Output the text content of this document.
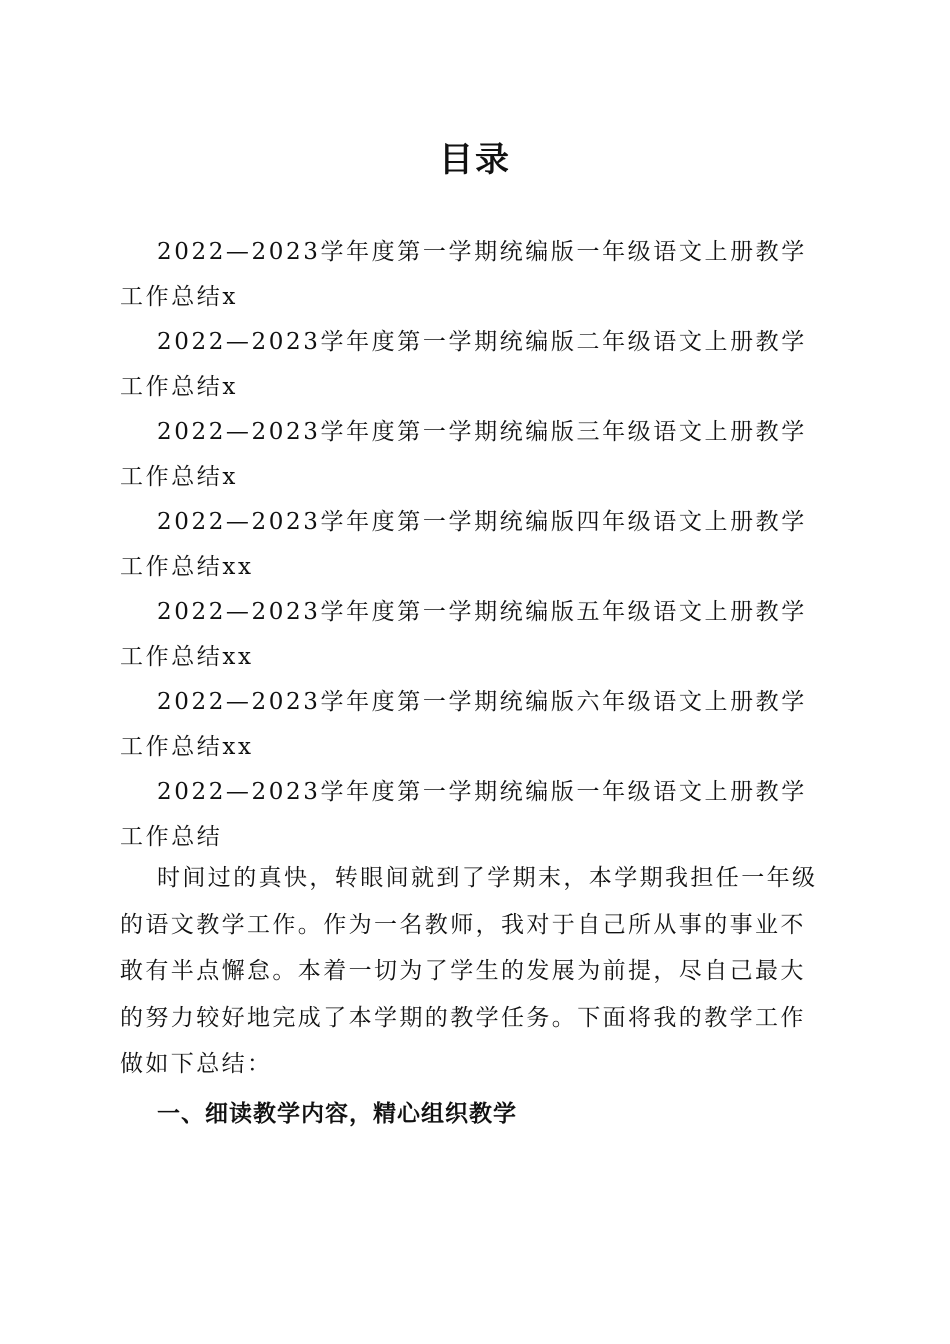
目录

2022—2023学年度第一学期统编版一年级语文上册教学工作总结x

2022—2023学年度第一学期统编版二年级语文上册教学工作总结x

2022—2023学年度第一学期统编版三年级语文上册教学工作总结x

2022—2023学年度第一学期统编版四年级语文上册教学工作总结xx

2022—2023学年度第一学期统编版五年级语文上册教学工作总结xx

2022—2023学年度第一学期统编版六年级语文上册教学工作总结xx

2022—2023学年度第一学期统编版一年级语文上册教学工作总结

时间过的真快，转眼间就到了学期末，本学期我担任一年级的语文教学工作。作为一名教师，我对于自己所从事的事业不敢有半点懈怠。本着一切为了学生的发展为前提，尽自己最大的努力较好地完成了本学期的教学任务。下面将我的教学工作做如下总结：

一、细读教学内容，精心组织教学
